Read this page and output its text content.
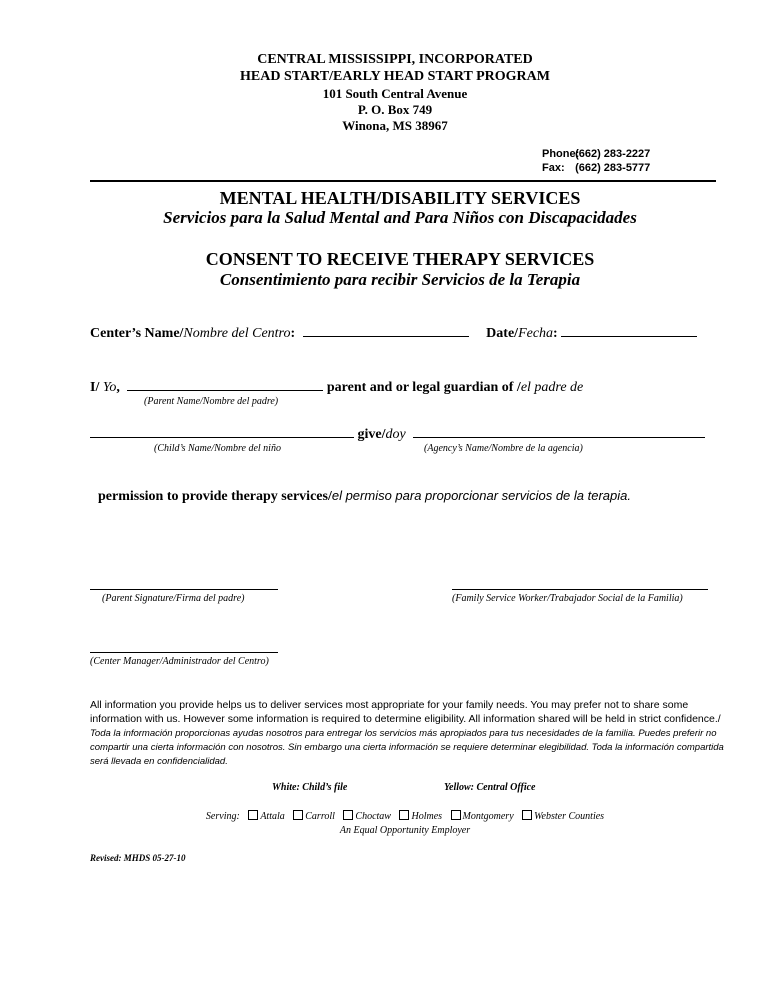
CENTRAL MISSISSIPPI, INCORPORATED
HEAD START/EARLY HEAD START PROGRAM
101 South Central Avenue
P. O. Box 749
Winona, MS 38967
Phone: (662) 283-2227
Fax: (662) 283-5777
MENTAL HEALTH/DISABILITY SERVICES
Servicios para la Salud Mental and Para Niños con Discapacidades
CONSENT TO RECEIVE THERAPY SERVICES
Consentimiento para recibir Servicios de la Terapia
Center’s Name/Nombre del Centro:	Date/Fecha:
I/ Yo,	parent and or legal guardian of /el padre de
(Parent Name/Nombre del padre)
give/doy
(Child’s Name/Nombre del niño	(Agency’s Name/Nombre de la agencia)
permission to provide therapy services/el permiso para proporcionar servicios de la terapia.
(Parent Signature/Firma del padre)	(Family Service Worker/Trabajador Social de la Familia)
(Center Manager/Administrador del Centro)
All information you provide helps us to deliver services most appropriate for your family needs. You may prefer not to share some information with us. However some information is required to determine eligibility. All information shared will be held in strict confidence./ Toda la información proporcionas ayudas nosotros para entregar los servicios más apropiados para tus necesidades de la familia. Puedes preferir no compartir una cierta información con nosotros. Sin embargo una cierta información se requiere determinar elegibilidad. Toda la información compartida será llevada en confidencialidad.
White: Child’s file	Yellow: Central Office
Serving: Attala Carroll Choctaw Holmes Montgomery Webster Counties
An Equal Opportunity Employer
Revised: MHDS 05-27-10
